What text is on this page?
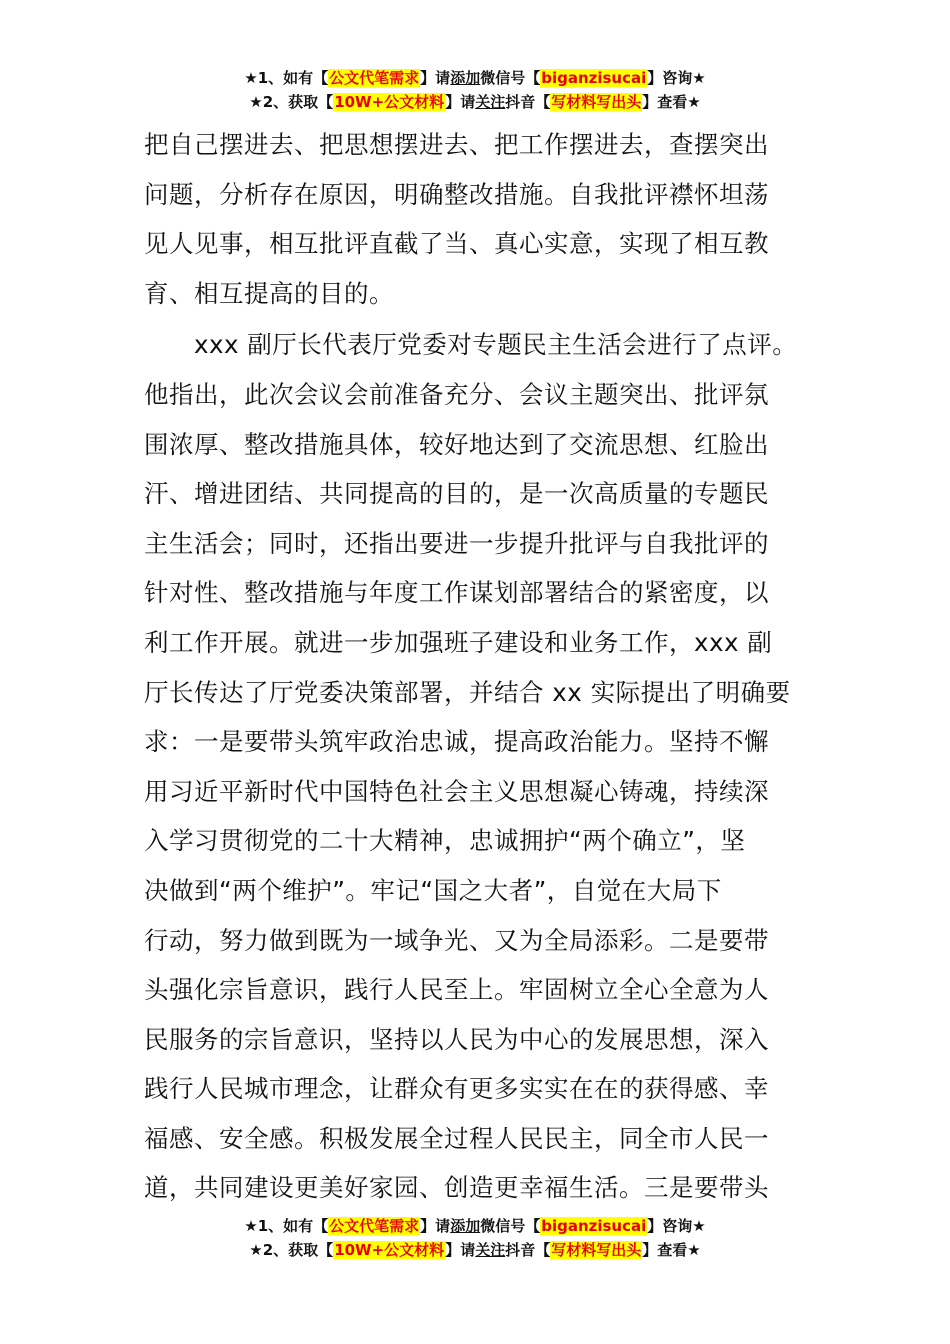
★1、如有【公文代笔需求】请添加微信号【biganzisucai】咨询★
★2、获取【10W+公文材料】请关注抖音【写材料写出头】查看★
把自己摆进去、把思想摆进去、把工作摆进去，查摆突出
问题，分析存在原因，明确整改措施。自我批评襟怀坦荡
见人见事，相互批评直截了当、真心实意，实现了相互教
育、相互提高的目的。
xxx 副厅长代表厅党委对专题民主生活会进行了点评。
他指出，此次会议会前准备充分、会议主题突出、批评氛
围浓厚、整改措施具体，较好地达到了交流思想、红脸出
汗、增进团结、共同提高的目的，是一次高质量的专题民
主生活会；同时，还指出要进一步提升批评与自我批评的
针对性、整改措施与年度工作谋划部署结合的紧密度，以
利工作开展。就进一步加强班子建设和业务工作，xxx 副
厅长传达了厅党委决策部署，并结合 xx 实际提出了明确要
求：一是要带头筑牢政治忠诚，提高政治能力。坚持不懈
用习近平新时代中国特色社会主义思想凝心铸魂，持续深
入学习贯彻党的二十大精神，忠诚拥护“两个确立”，坚
决做到“两个维护”。牢记“国之大者”，自觉在大局下
行动，努力做到既为一域争光、又为全局添彩。二是要带
头强化宗旨意识，践行人民至上。牢固树立全心全意为人
民服务的宗旨意识，坚持以人民为中心的发展思想，深入
践行人民城市理念，让群众有更多实实在在的获得感、幸
福感、安全感。积极发展全过程人民民主，同全市人民一
道，共同建设更美好家园、创造更幸福生活。三是要带头
★1、如有【公文代笔需求】请添加微信号【biganzisucai】咨询★
★2、获取【10W+公文材料】请关注抖音【写材料写出头】查看★
